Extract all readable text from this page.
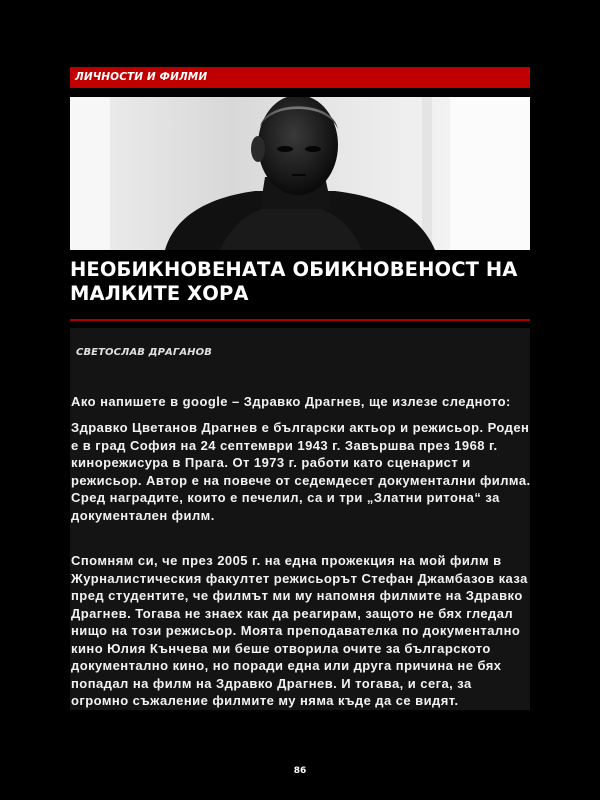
ЛИЧНОСТИ И ФИЛМИ
НЕОБИКНОВЕНАТА ОБИКНОВЕНОСТ НА
МАЛКИТЕ ХОРА
СВЕТОСЛАВ ДРАГАНОВ

Ако напишете в google – Здравко Драгнев, ще излезе следното:

Здравко Цветанов Драгнев е български актьор и режисьор. Роден е в град София на 24 септември 1943 г. Завършва през 1968 г. кинорежисура в Прага. От 1973 г. работи като сценарист и режисьор. Автор е на повече от седемдесет документални филма. Сред наградите, които е печелил, са и три „Златни ритона“ за документален филм.

Спомням си, че през 2005 г. на една прожекция на мой филм в Журналистическия факултет режисьорът Стефан Джамбазов каза пред студентите, че филмът ми му напомня филмите на Здравко Драгнев. Тогава не знаех как да реагирам, защото не бях гледал нищо на този режисьор. Моята преподавателка по документално кино Юлия Кънчева ми беше отворила очите за българското документално кино, но поради една или друга причина не бях попадал на филм на Здравко Драгнев. И тогава, и сега, за огромно съжаление филмите му няма къде да се видят.

86
